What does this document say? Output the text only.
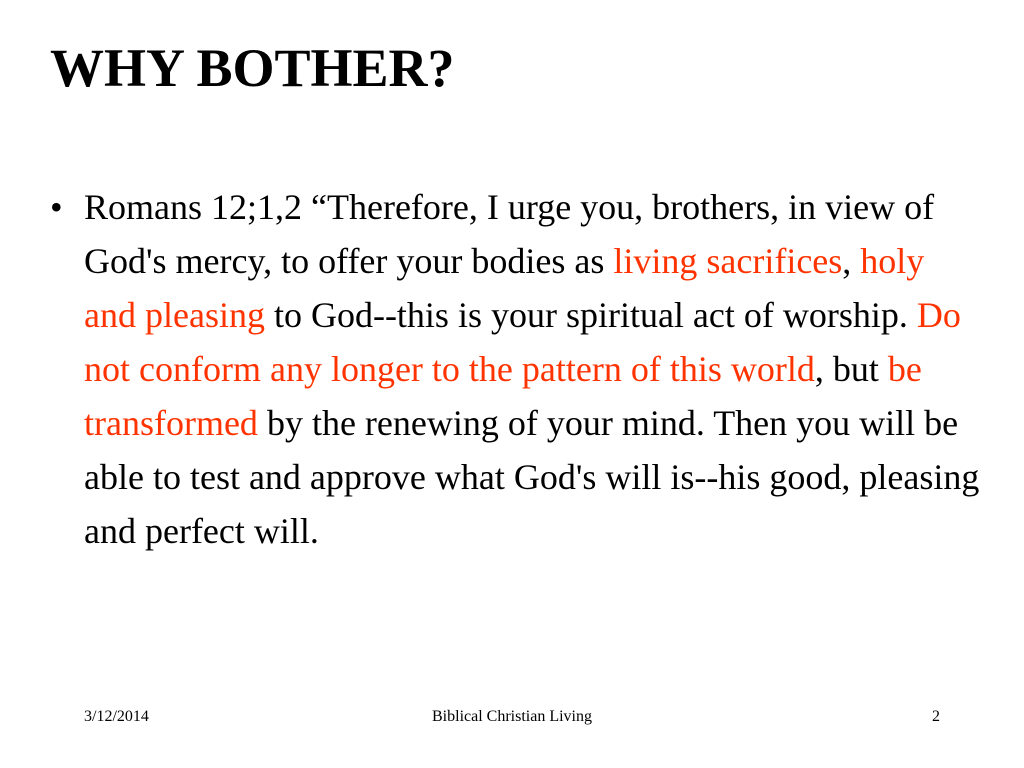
WHY BOTHER?
• Romans 12;1,2 “Therefore, I urge you, brothers, in view of God's mercy, to offer your bodies as living sacrifices, holy and pleasing to God--this is your spiritual act of worship. Do not conform any longer to the pattern of this world, but be transformed by the renewing of your mind. Then you will be able to test and approve what God's will is--his good, pleasing and perfect will.
3/12/2014	Biblical Christian Living	2
